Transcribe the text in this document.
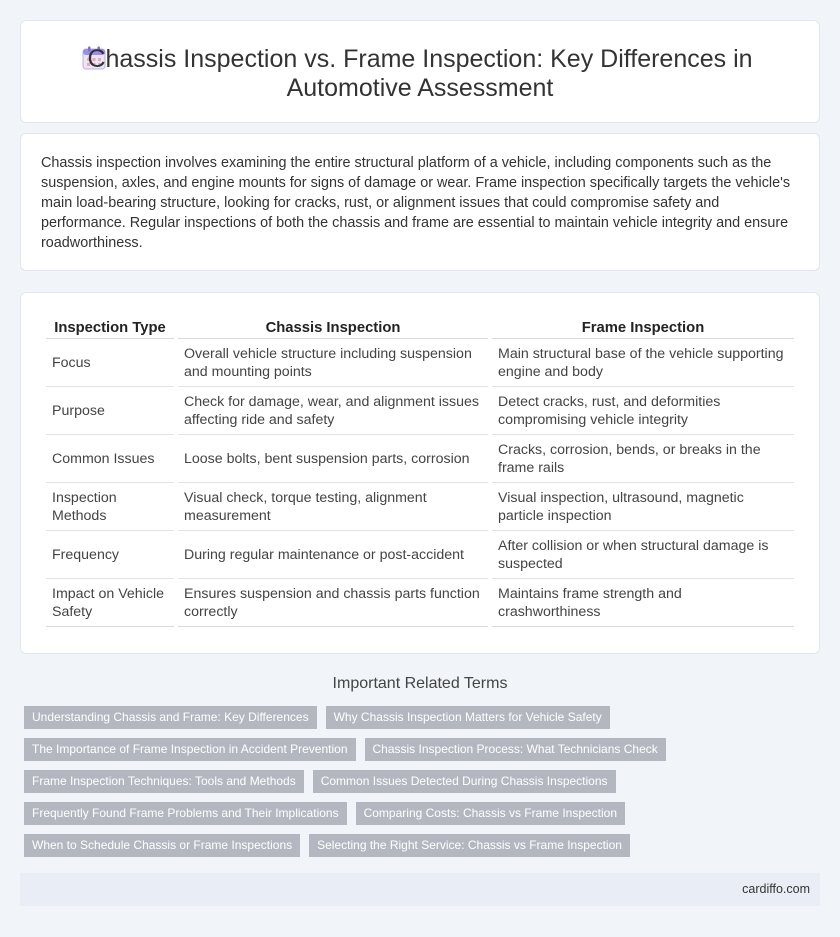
Chassis Inspection vs. Frame Inspection: Key Differences in Automotive Assessment

Chassis inspection involves examining the entire structural platform of a vehicle, including components such as the suspension, axles, and engine mounts for signs of damage or wear. Frame inspection specifically targets the vehicle's main load-bearing structure, looking for cracks, rust, or alignment issues that could compromise safety and performance. Regular inspections of both the chassis and frame are essential to maintain vehicle integrity and ensure roadworthiness.

Inspection Type	Chassis Inspection	Frame Inspection
Focus	Overall vehicle structure including suspension and mounting points	Main structural base of the vehicle supporting engine and body
Purpose	Check for damage, wear, and alignment issues affecting ride and safety	Detect cracks, rust, and deformities compromising vehicle integrity
Common Issues	Loose bolts, bent suspension parts, corrosion	Cracks, corrosion, bends, or breaks in the frame rails
Inspection Methods	Visual check, torque testing, alignment measurement	Visual inspection, ultrasound, magnetic particle inspection
Frequency	During regular maintenance or post-accident	After collision or when structural damage is suspected
Impact on Vehicle Safety	Ensures suspension and chassis parts function correctly	Maintains frame strength and crashworthiness
Important Related Terms
Understanding Chassis and Frame: Key Differences	Why Chassis Inspection Matters for Vehicle Safety
The Importance of Frame Inspection in Accident Prevention	Chassis Inspection Process: What Technicians Check
Frame Inspection Techniques: Tools and Methods	Common Issues Detected During Chassis Inspections
Frequently Found Frame Problems and Their Implications	Comparing Costs: Chassis vs Frame Inspection
When to Schedule Chassis or Frame Inspections	Selecting the Right Service: Chassis vs Frame Inspection
cardiffo.com
